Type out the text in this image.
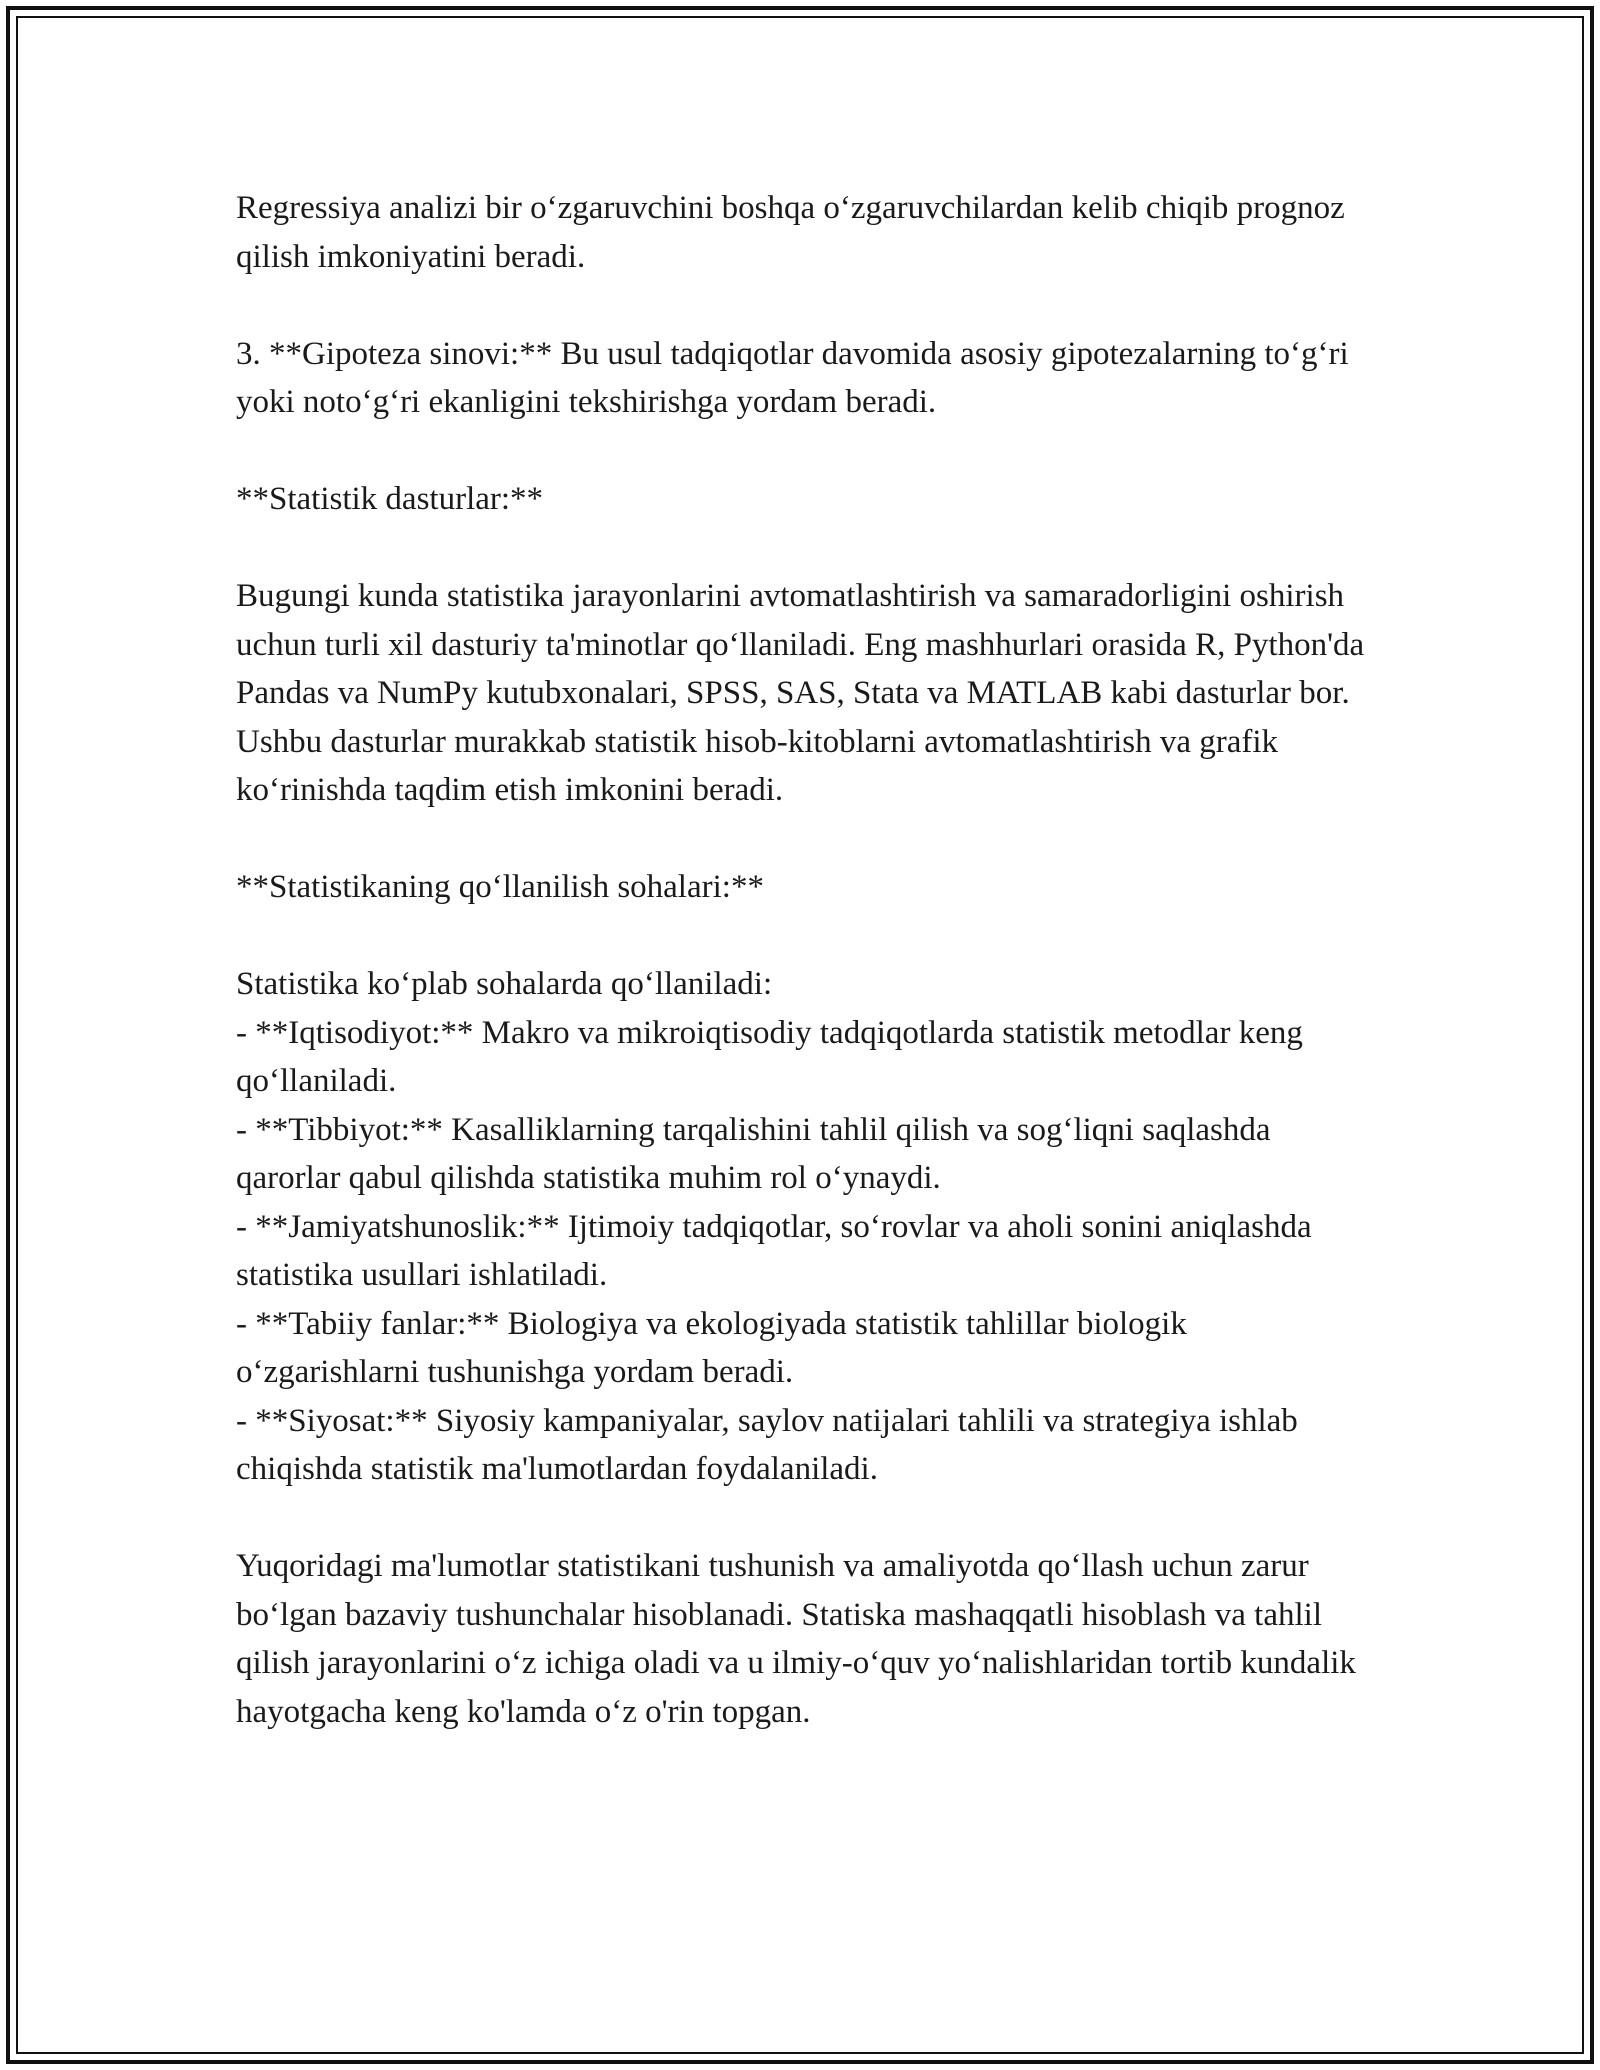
Regressiya analizi bir o‘zgaruvchini boshqa o‘zgaruvchilardan kelib chiqib prognoz qilish imkoniyatini beradi.

3. **Gipoteza sinovi:** Bu usul tadqiqotlar davomida asosiy gipotezalarning to‘g‘ri yoki noto‘g‘ri ekanligini tekshirishga yordam beradi.

**Statistik dasturlar:**

Bugungi kunda statistika jarayonlarini avtomatlashtirish va samaradorligini oshirish uchun turli xil dasturiy ta'minotlar qo‘llaniladi. Eng mashhurlari orasida R, Python'da Pandas va NumPy kutubxonalari, SPSS, SAS, Stata va MATLAB kabi dasturlar bor. Ushbu dasturlar murakkab statistik hisob-kitoblarni avtomatlashtirish va grafik ko‘rinishda taqdim etish imkonini beradi.

**Statistikaning qo‘llanilish sohalari:**

Statistika ko‘plab sohalarda qo‘llaniladi:

- **Iqtisodiyot:** Makro va mikroiqtisodiy tadqiqotlarda statistik metodlar keng qo‘llaniladi.

- **Tibbiyot:** Kasalliklarning tarqalishini tahlil qilish va sog‘liqni saqlashda qarorlar qabul qilishda statistika muhim rol o‘ynaydi.

- **Jamiyatshunoslik:** Ijtimoiy tadqiqotlar, so‘rovlar va aholi sonini aniqlashda statistika usullari ishlatiladi.

- **Tabiiy fanlar:** Biologiya va ekologiyada statistik tahlillar biologik o‘zgarishlarni tushunishga yordam beradi.

- **Siyosat:** Siyosiy kampaniyalar, saylov natijalari tahlili va strategiya ishlab chiqishda statistik ma'lumotlardan foydalaniladi.

Yuqoridagi ma'lumotlar statistikani tushunish va amaliyotda qo‘llash uchun zarur bo‘lgan bazaviy tushunchalar hisoblanadi. Statiska mashaqqatli hisoblash va tahlil qilish jarayonlarini o‘z ichiga oladi va u ilmiy-o‘quv yo‘nalishlaridan tortib kundalik hayotgacha keng ko'lamda o‘z o'rin topgan.
